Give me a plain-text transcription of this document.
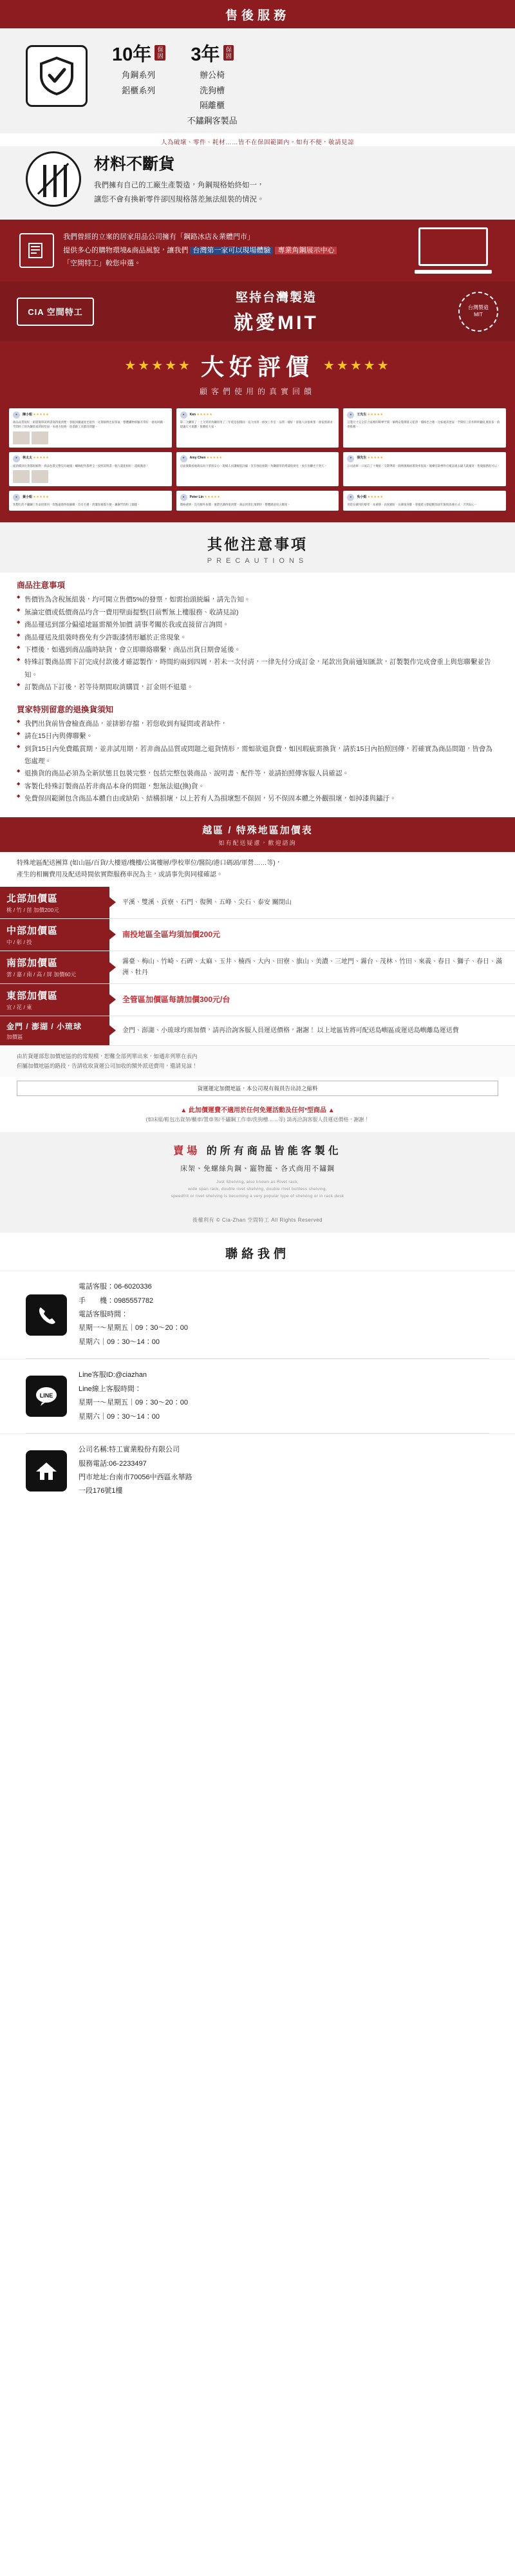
售後服務
10年 保固
角鋼系列
鋁櫃系列
3年 保固
辦公椅
洗狗槽
隔離櫃
不鏽鋼客製品
人為破壞、零件、耗材……皆不在保固範圍內。如有不便，敬請見諒
材料不斷貨

我們擁有自己的工廠生產製造，角鋼規格始終如一，

讓您不會有換新零件卻因規格落差無法組裝的情況。

我們曾經的立案的居家用品公司擁有「鋼路冰店＆業體門市」
提供多心的購物環境&商品風貌，讓我們 台灣第一家可以現場體驗 專業角鋼展示中心
「空間特工」較您申選。
CIA 空間特工
堅持台灣製造
就愛MIT
台灣製造
MIT
★★★★★ 大好評價 ★★★★★
顧客們使用的真實回饋
●	陳小姐 ★★★★★
商品品質很好，組裝簡單說明書寫得很清楚，客服回覆速度也很快，送貨師傅也很客氣，整體購物經驗非常好，會再回購。空間特工的角鋼架真的很堅固，承重力很夠，放書跟工具都沒問題。
●	Ken ★★★★★
第二次購買了，上次買的角鋼架用了三年還是很穩固，這次再買一組放工作室，品質一樣好。客服人員很專業，會依照需求建議尺寸規劃，推薦給大家。
●	王先生 ★★★★★
訂製尺寸完全符合家裡的畸零空間，師傅安裝俐落又乾淨，價格也合理。比較過其他家，空間特工的用料明顯扎實很多，值得推薦。
●	林太太 ★★★★★
從詢價到出貨都很順利，商品包裝完整沒有碰撞，螺絲配件都齊全，按照說明書一個人就能組好，超級滿意！
●	Amy Chen ★★★★★
店面實際看過商品再下單很安心，現場人員講解很詳細，沒有強迫推銷。角鋼層架的烤漆很漂亮，放在客廳也不突兀。
●	張先生 ★★★★★
公司倉庫一口氣訂了十幾組，交期準時，師傅現場組裝效率很高。後續有缺零件打電話過去隔天就補寄，售後服務很可以。
●	黃小姐 ★★★★★
客製化的不鏽鋼工作桌很實用，焊點處理得很細緻，沒有毛邊，清潔保養都方便。謝謝空間特工團隊。
●	Peter Lin ★★★★★
價格透明，沒有額外加價，運費也講得很清楚。商品到貨比預期快，整體滿意度五顆星。
●	吳小姐 ★★★★★
買給長輩用的層架，承重穩、高度剛好，長輩很喜歡。客服還主動提醒保固年限與保養方式，非常貼心。
其他注意事項
PRECAUTIONS
商品注意事項
◆ 售價皆為含稅無組裝，均可開立售價5%的發票，如需抬頭統編，請先告知。
◆ 無論定價或低價商品均含一費用壁面提整(目前暫無上樓服務、收請見諒)
◆ 商品運送到部分偏遠地區需額外加價 請事考關於我或直接留言詢問。
◆ 商品運送及組裝時務免有少許販漆情形屬於正常現象。
◆ 下標後，如遇到商品臨時缺貨，會立即聯絡聯繫，商品出貨日期會延後。
◆ 特殊訂製商品需下訂完成付款後才確認製作，時間約兩到四周，若未一次付清，一律先付分成訂金，尾款出貨前通知匯款，訂製製作完成會重上與您聯繫並告知。
◆ 訂製商品下訂後，若等待期間取消購買，訂金則不退還。
買家特別留意的退換貨須知
◆ 我們出貨前皆會檢查商品，並排影存擋，若您收到有疑問或者缺件，
◆ 請在15日內與傳聯繫。
◆ 到貨15日內免費鑑賞期，並非試用期，若非商品品質或問題之退貨情形，需如欲退貨費，如因瑕疵需換貨，請於15日內拍照回傳，若確實為商品問題，皆會為您處理。
◆ 退換貨的商品必須為全新狀態且包裝完整，包括完整包裝商品、說明書、配件等，並請拍照傳客服人員確認。
◆ 客製化特殊訂製商品若非商品本身的問題，恕無法退(換)貨。
◆ 免費保固範圍包含商品本體自由或缺陷、結構損壞，以上若有人為損壞恕不保固，另不保固本體之外觀損壞，如掉漆與鏽汙。
越區 / 特殊地區加價表
如有配送疑慮，歡迎諮詢
特殊地區配送團算 (如山區/百貨/大樓道/機樓/公寓樓層/學校單位/醫院/港口碼頭/軍營……等)，
產生的相關費用及配送時間依實際服務車況為主，或請事先與同樣確認。
北部加價區
桃 / 竹 / 苗 加價200元
平溪、雙溪、貢寮、石門、復興、五峰、尖石、泰安 關閉山
中部加價區
中 / 彰 / 投
南投地區全區均須加價200元
南部加價區
雲 / 嘉 / 南 / 高 / 屏 加價60元
霧臺、梅山、竹崎、石碑、太麻、玉井、楠西、大內、田寮、旗山、美濃、三地門、霧台、茂林、竹田、來義、春日、獅子、春日、滿洲、牡丹
東部加價區
宜 / 花 / 東
全管區加價區每請加價300元/台
金門 / 澎湖 / 小琉球
加價區
金門、澎湖、小琉球均需加價，請再洽詢客服人員運送價格，謝謝！ 以上地區皆將可配送島嶼區或運送島嶼離島運送費
由於貨運部您加價地區的的常規模，恕難全部列單出來，如遇非列單在表內
但屬加價地區的路段，告請收取貨運公司加收的額外派送費用，還請見諒！
貨運運定加價地區，本公司現有報員告出詩之縮料
▲ 此加價運費不適用於任何免運活動及任何*型商品 ▲
(如床組/鞋包出貨架/櫃車/置車架/不鏽鋼工作車/洗狗槽……等) 請再洽詢客服人員運送價格，謝謝！
賣場 的所有商品皆能客製化
床架、免螺絲角鋼、寵物籠、各式商用不鏽鋼
Just Shelving, also known as Rivet rack,
wide span rack, double rivet shelving, double rivet boltless shelving,
speedfrit or rivet shelving is becoming a very popular type of shelving or in rack desk
後權利有 © Cia-Zhan 空間特工 All Rights Reserved
聯絡我們
電話客服：06-6020336
手　　機：0985557782
電話客服時間：
星期一～星期五｜09：30～20：00
星期六｜09：30～14：00
LINE
Line客服ID:@ciazhan
Line線上客服時間：
星期一～星期五｜09：30～20：00
星期六｜09：30～14：00
公司名稱:特工實業股份有限公司
服務電話:06-2233497
門市地址:台南市70056中西區永華路
一段176號1樓
